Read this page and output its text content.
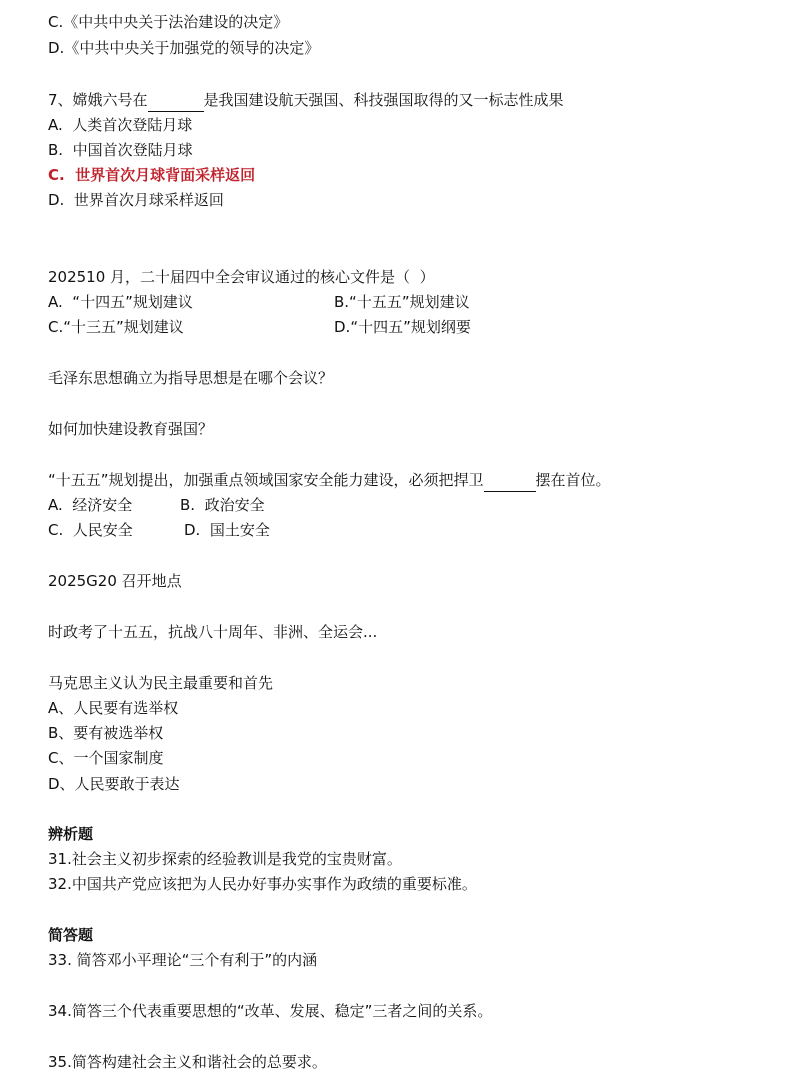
C.《中共中央关于法治建设的决定》

D.《中共中央关于加强党的领导的决定》

7、嫦娥六号在	是我国建设航天强国、科技强国取得的又一标志性成果

A.  人类首次登陆月球

B.  中国首次登陆月球

C.  世界首次月球背面采样返回

D.  世界首次月球采样返回

202510 月，二十届四中全会审议通过的核心文件是（  ）

A.  “十四五”规划建议	B.“十五五”规划建议

C.“十三五”规划建议	D.“十四五”规划纲要

毛泽东思想确立为指导思想是在哪个会议？

如何加快建设教育强国？

“十五五”规划提出，加强重点领域国家安全能力建设，必须把捍卫	摆在首位。

A.  经济安全	B.  政治安全

C.  人民安全	D.  国土安全

2025G20 召开地点

时政考了十五五，抗战八十周年、非洲、全运会...

马克思主义认为民主最重要和首先

A、人民要有选举权

B、要有被选举权

C、一个国家制度

D、人民要敢于表达

辨析题

31.社会主义初步探索的经验教训是我党的宝贵财富。

32.中国共产党应该把为人民办好事办实事作为政绩的重要标准。

简答题

33. 简答邓小平理论“三个有利于”的内涵

34.简答三个代表重要思想的“改革、发展、稳定”三者之间的关系。

35.简答构建社会主义和谐社会的总要求。
